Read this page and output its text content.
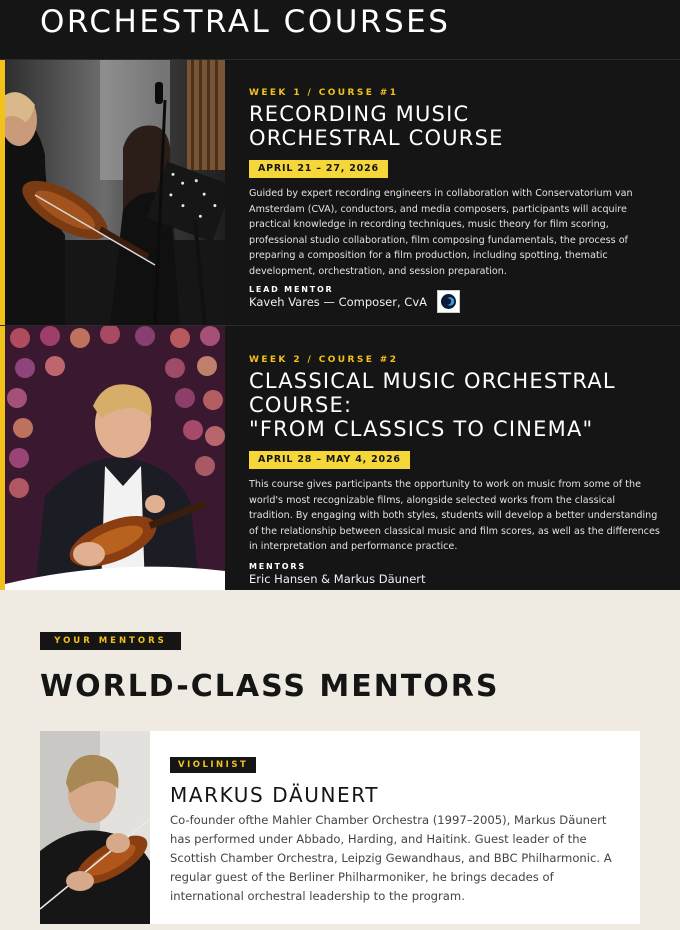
ORCHESTRAL COURSES
WEEK 1 / COURSE #1
RECORDING MUSIC
ORCHESTRAL COURSE
APRIL 21 – 27, 2026

Guided by expert recording engineers in collaboration with Conservatorium van Amsterdam (CVA), conductors, and media composers, participants will acquire practical knowledge in recording techniques, music theory for film scoring, professional studio collaboration, film composing fundamentals, the process of preparing a composition for a film production, including spotting, thematic development, orchestration, and session preparation.

LEAD MENTOR
Kaveh Vares — Composer, CvA
WEEK 2 / COURSE #2
CLASSICAL MUSIC ORCHESTRAL COURSE:
"FROM CLASSICS TO CINEMA"
APRIL 28 – MAY 4, 2026

This course gives participants the opportunity to work on music from some of the world's most recognizable films, alongside selected works from the classical tradition. By engaging with both styles, students will develop a better understanding of the relationship between classical music and film scores, as well as the differences in interpretation and performance practice.

MENTORS
Eric Hansen & Markus Däunert
YOUR MENTORS
WORLD-CLASS MENTORS
VIOLINIST
MARKUS DÄUNERT

Co-founder ofthe Mahler Chamber Orchestra (1997–2005), Markus Däunert has performed under Abbado, Harding, and Haitink. Guest leader of the Scottish Chamber Orchestra, Leipzig Gewandhaus, and BBC Philharmonic. A regular guest of the Berliner Philharmoniker, he brings decades of international orchestral leadership to the program.
